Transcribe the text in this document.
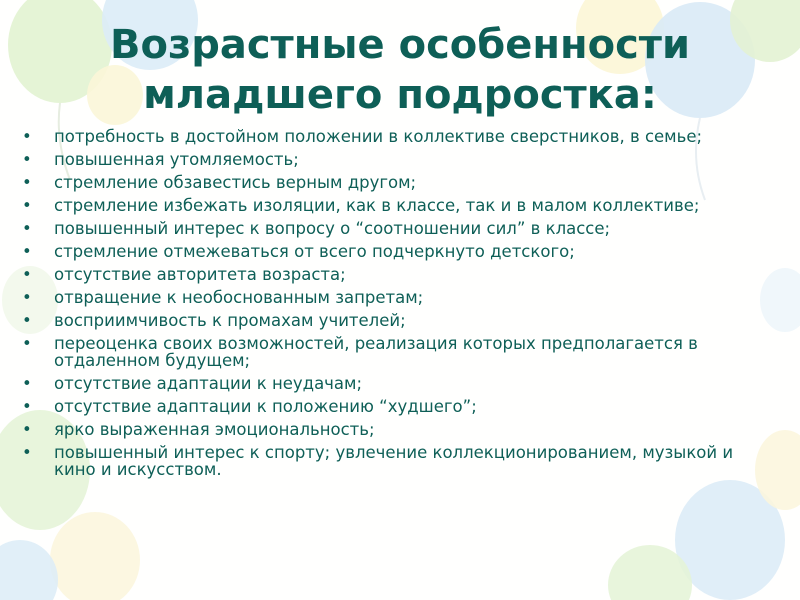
Возрастные особенности
младшего подростка:
• потребность в достойном положении в коллективе сверстников, в семье;
• повышенная утомляемость;
• стремление обзавестись верным другом;
• стремление избежать изоляции, как в классе, так и в малом коллективе;
• повышенный интерес к вопросу о “соотношении сил” в классе;
• стремление отмежеваться от всего подчеркнуто детского;
• отсутствие авторитета возраста;
• отвращение к необоснованным запретам;
• восприимчивость к промахам учителей;
• переоценка своих возможностей, реализация которых предполагается в отдаленном будущем;
• отсутствие адаптации к неудачам;
• отсутствие адаптации к положению “худшего”;
• ярко выраженная эмоциональность;
• повышенный интерес к спорту; увлечение коллекционированием, музыкой и кино и искусством.
